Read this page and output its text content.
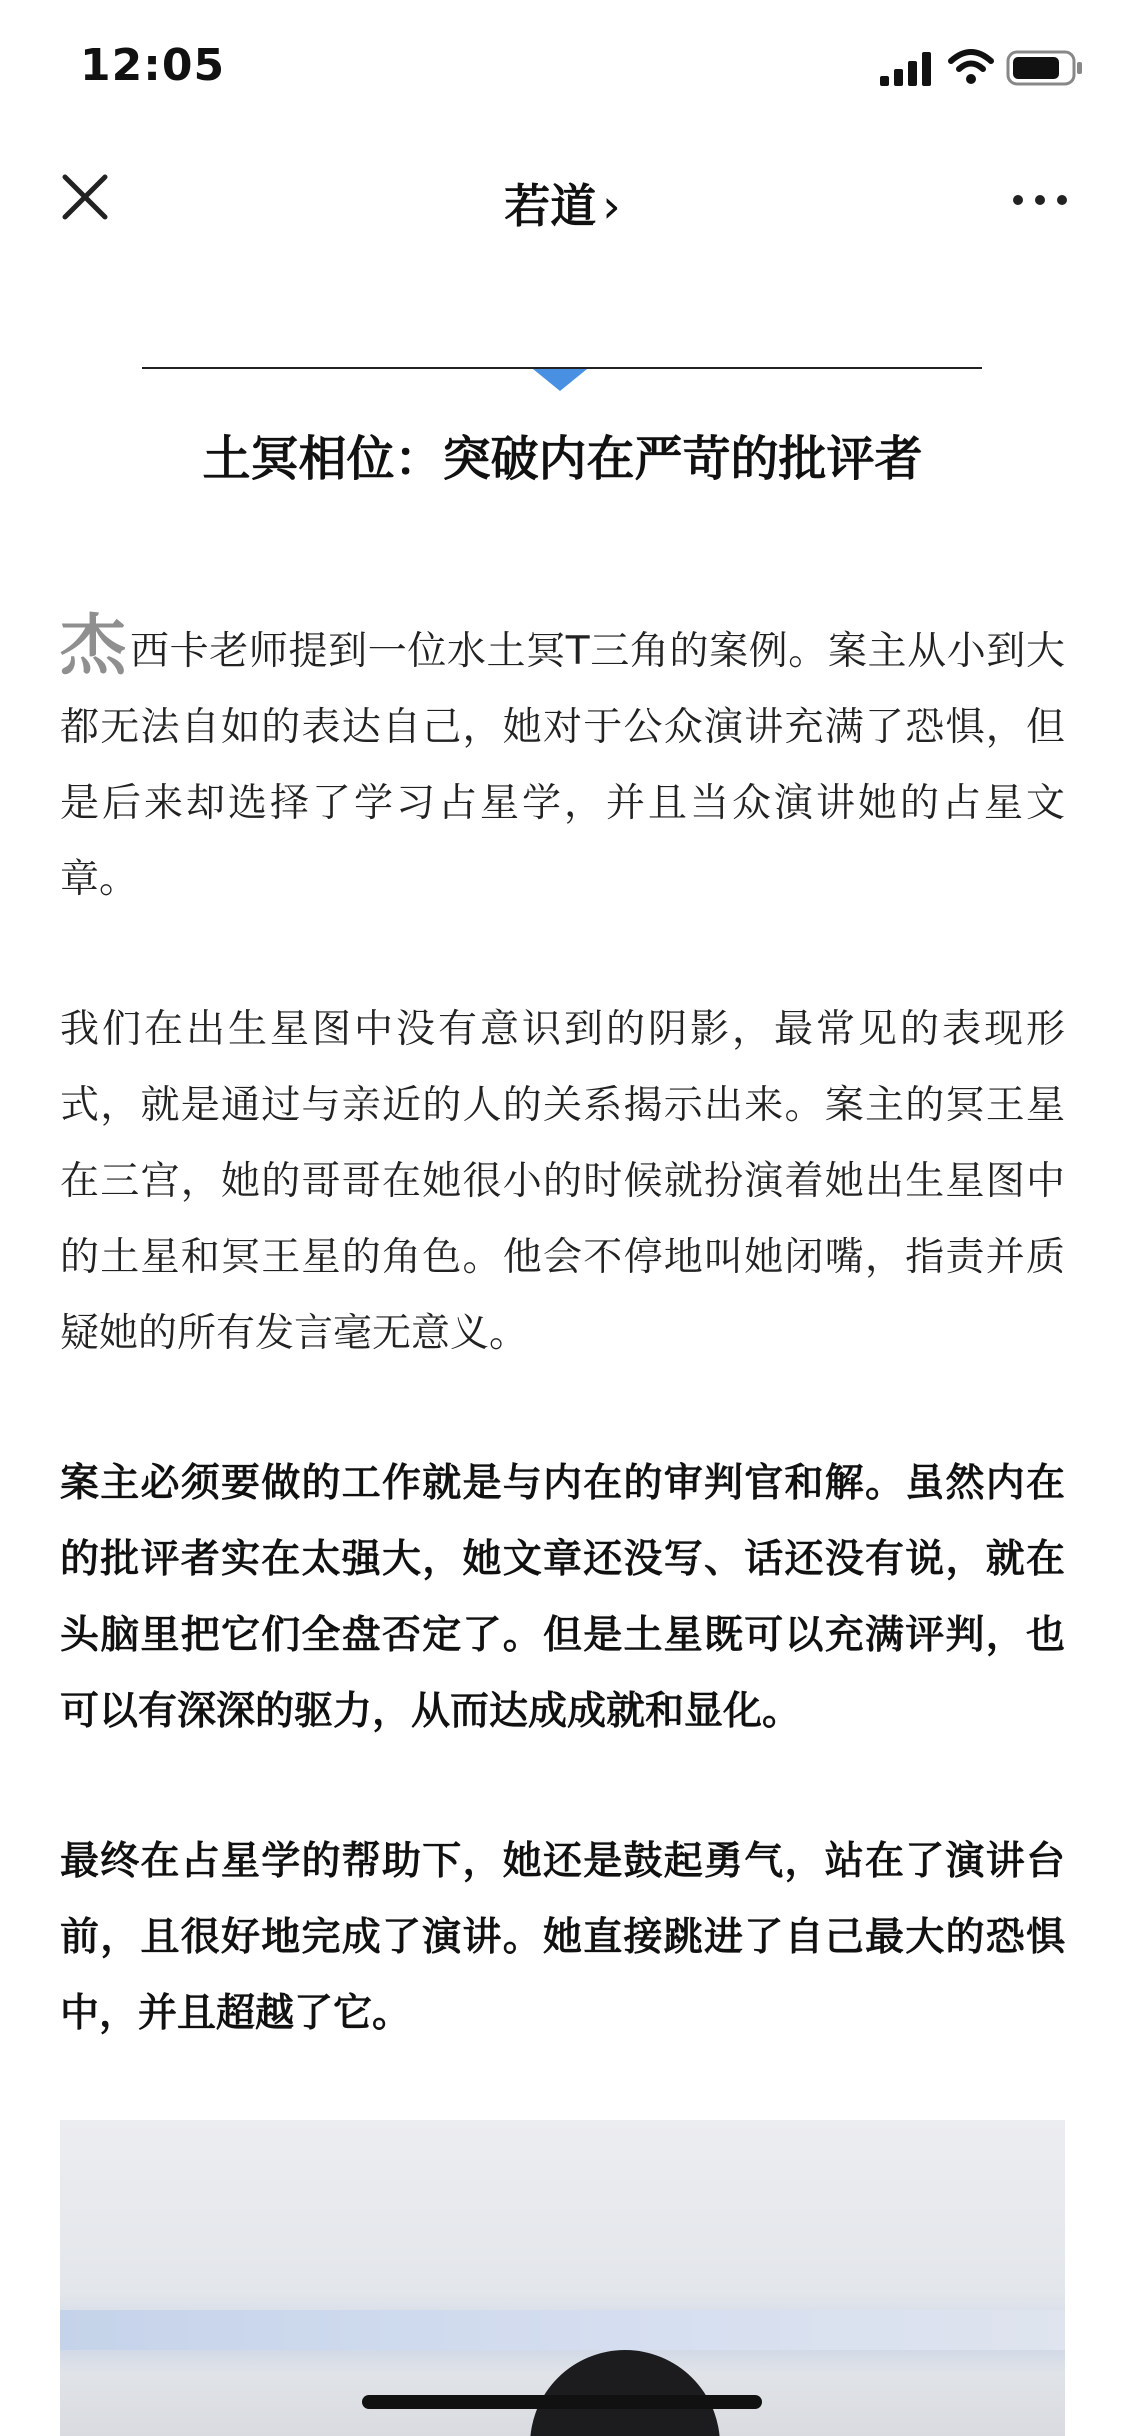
12:05
若道 ›
土冥相位：突破内在严苛的批评者
杰西卡老师提到一位水土冥T三角的案例。案主从小到大都无法自如的表达自己，她对于公众演讲充满了恐惧，但是后来却选择了学习占星学，并且当众演讲她的占星文章。
我们在出生星图中没有意识到的阴影，最常见的表现形式，就是通过与亲近的人的关系揭示出来。案主的冥王星在三宫，她的哥哥在她很小的时候就扮演着她出生星图中的土星和冥王星的角色。他会不停地叫她闭嘴，指责并质疑她的所有发言毫无意义。
案主必须要做的工作就是与内在的审判官和解。虽然内在的批评者实在太强大，她文章还没写、话还没有说，就在头脑里把它们全盘否定了。但是土星既可以充满评判，也可以有深深的驱力，从而达成成就和显化。
最终在占星学的帮助下，她还是鼓起勇气，站在了演讲台前，且很好地完成了演讲。她直接跳进了自己最大的恐惧中，并且超越了它。
